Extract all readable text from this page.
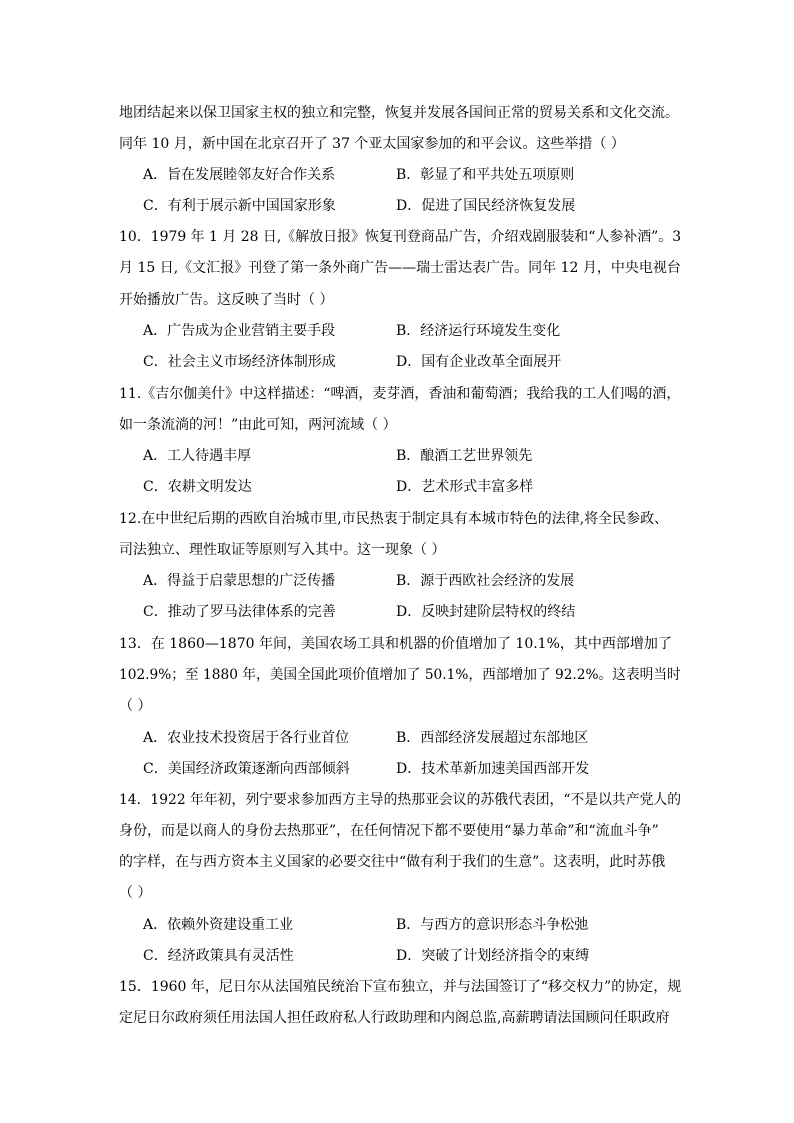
地团结起来以保卫国家主权的独立和完整，恢复并发展各国间正常的贸易关系和文化交流。
同年 10 月，新中国在北京召开了 37 个亚太国家参加的和平会议。这些举措（ ）
A．旨在发展睦邻友好合作关系	B．彰显了和平共处五项原则
C．有利于展示新中国国家形象	D．促进了国民经济恢复发展
10．1979 年 1 月 28 日,《解放日报》恢复刊登商品广告，介绍戏剧服装和“人参补酒”。3
月 15 日,《文汇报》刊登了第一条外商广告——瑞士雷达表广告。同年 12 月，中央电视台
开始播放广告。这反映了当时（ ）
A．广告成为企业营销主要手段	B．经济运行环境发生变化
C．社会主义市场经济体制形成	D．国有企业改革全面展开
11.《吉尔伽美什》中这样描述：“啤酒，麦芽酒，香油和葡萄酒；我给我的工人们喝的酒，
如一条流淌的河！”由此可知，两河流域（ ）
A．工人待遇丰厚	B．酿酒工艺世界领先
C．农耕文明发达	D．艺术形式丰富多样
12.在中世纪后期的西欧自治城市里,市民热衷于制定具有本城市特色的法律,将全民参政、
司法独立、理性取证等原则写入其中。这一现象（ ）
A．得益于启蒙思想的广泛传播	B．源于西欧社会经济的发展
C．推动了罗马法律体系的完善	D．反映封建阶层特权的终结
13．在 1860—1870 年间，美国农场工具和机器的价值增加了 10.1%，其中西部增加了
102.9%；至 1880 年，美国全国此项价值增加了 50.1%，西部增加了 92.2%。这表明当时
（ ）
A．农业技术投资居于各行业首位	B．西部经济发展超过东部地区
C．美国经济政策逐渐向西部倾斜	D．技术革新加速美国西部开发
14．1922 年年初，列宁要求参加西方主导的热那亚会议的苏俄代表团，“不是以共产党人的
身份，而是以商人的身份去热那亚”，在任何情况下都不要使用“暴力革命”和“流血斗争”
的字样，在与西方资本主义国家的必要交往中“做有利于我们的生意”。这表明，此时苏俄
（ ）
A．依赖外资建设重工业	B．与西方的意识形态斗争松弛
C．经济政策具有灵活性	D．突破了计划经济指令的束缚
15．1960 年，尼日尔从法国殖民统治下宣布独立，并与法国签订了“移交权力”的协定，规
定尼日尔政府须任用法国人担任政府私人行政助理和内阁总监,高薪聘请法国顾问任职政府
